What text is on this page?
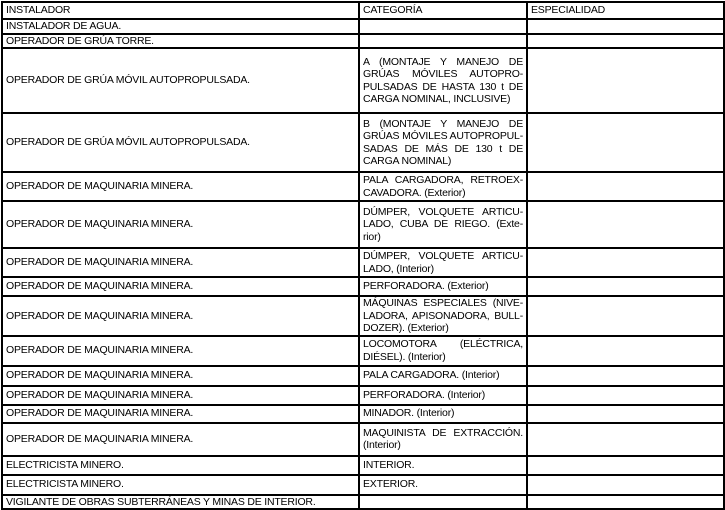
INSTALADOR	CATEGORÍA	ESPECIALIDAD
INSTALADOR DE AGUA.		
OPERADOR DE GRÚA TORRE.		
OPERADOR DE GRÚA MÓVIL AUTOPROPULSADA.	A (MONTAJE Y MANEJO DE
GRÚAS MÓVILES AUTOPRO-
PULSADAS DE HASTA 130 t DE
CARGA NOMINAL, INCLUSIVE)	

OPERADOR DE GRÚA MÓVIL AUTOPROPULSADA.	B (MONTAJE Y MANEJO DE
GRÚAS MÓVILES AUTOPROPUL-
SADAS DE MÁS DE 130 t DE
CARGA NOMINAL)	

OPERADOR DE MAQUINARIA MINERA.	PALA CARGADORA, RETROEX-
CAVADORA. (Exterior)	

OPERADOR DE MAQUINARIA MINERA.	DÚMPER, VOLQUETE ARTICU-
LADO, CUBA DE RIEGO. (Exte-
rior)	

OPERADOR DE MAQUINARIA MINERA.	DÚMPER, VOLQUETE ARTICU-
LADO, (Interior)	

OPERADOR DE MAQUINARIA MINERA.	PERFORADORA. (Exterior)	

OPERADOR DE MAQUINARIA MINERA.	MÁQUINAS ESPECIALES (NIVE-
LADORA, APISONADORA, BULL-
DOZER). (Exterior)	

OPERADOR DE MAQUINARIA MINERA.	LOCOMOTORA (ELÉCTRICA,
DIÉSEL). (Interior)	

OPERADOR DE MAQUINARIA MINERA.	PALA CARGADORA. (Interior)	

OPERADOR DE MAQUINARIA MINERA.	PERFORADORA. (Interior)	

OPERADOR DE MAQUINARIA MINERA.	MINADOR. (Interior)	

OPERADOR DE MAQUINARIA MINERA.	MAQUINISTA DE EXTRACCIÓN.
(Interior)	

ELECTRICISTA MINERO.	INTERIOR.	

ELECTRICISTA MINERO.	EXTERIOR.	

VIGILANTE DE OBRAS SUBTERRÁNEAS Y MINAS DE INTERIOR.		
